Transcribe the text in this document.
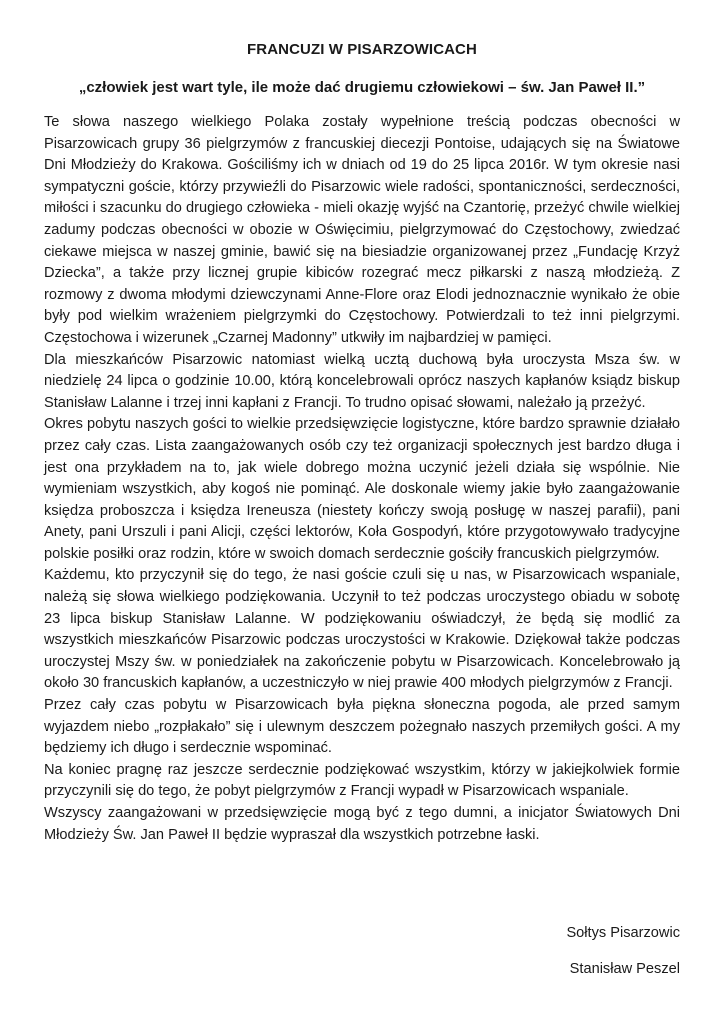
FRANCUZI W PISARZOWICACH
„człowiek jest wart tyle, ile może dać drugiemu człowiekowi – św. Jan Paweł II.”

Te słowa naszego wielkiego Polaka zostały wypełnione treścią podczas obecności w Pisarzowicach grupy 36 pielgrzymów z francuskiej diecezji Pontoise, udających się na Światowe Dni Młodzieży do Krakowa. Gościliśmy ich w dniach od 19 do 25 lipca 2016r. W tym okresie nasi sympatyczni goście, którzy przywieźli do Pisarzowic wiele radości, spontaniczności, serdeczności, miłości i szacunku do drugiego człowieka - mieli okazję wyjść na Czantorię, przeżyć chwile wielkiej zadumy podczas obecności w obozie w Oświęcimiu, pielgrzymować do Częstochowy, zwiedzać ciekawe miejsca w naszej gminie, bawić się na biesiadzie organizowanej przez „Fundację Krzyż Dziecka”, a także przy licznej grupie kibiców rozegrać mecz piłkarski z naszą młodzieżą. Z rozmowy z dwoma młodymi dziewczynami Anne-Flore oraz Elodi jednoznacznie wynikało że obie były pod wielkim wrażeniem pielgrzymki do Częstochowy. Potwierdzali to też inni pielgrzymi. Częstochowa i wizerunek „Czarnej Madonny” utkwiły im najbardziej w pamięci.

Dla mieszkańców Pisarzowic natomiast wielką ucztą duchową była uroczysta Msza św. w niedzielę 24 lipca o godzinie 10.00, którą koncelebrowali oprócz naszych kapłanów ksiądz biskup Stanisław Lalanne i trzej inni kapłani z Francji. To trudno opisać słowami, należało ją przeżyć.

Okres pobytu naszych gości to wielkie przedsięwzięcie logistyczne, które bardzo sprawnie działało przez cały czas. Lista zaangażowanych osób czy też organizacji społecznych jest bardzo długa i jest ona przykładem na to, jak wiele dobrego można uczynić jeżeli działa się wspólnie. Nie wymieniam wszystkich, aby kogoś nie pominąć. Ale doskonale wiemy jakie było zaangażowanie księdza proboszcza i księdza Ireneusza (niestety kończy swoją posługę w naszej parafii), pani Anety, pani Urszuli i pani Alicji, części lektorów, Koła Gospodyń, które przygotowywało tradycyjne polskie posiłki oraz rodzin, które w swoich domach serdecznie gościły francuskich pielgrzymów.

Każdemu, kto przyczynił się do tego, że nasi goście czuli się u nas, w Pisarzowicach wspaniale, należą się słowa wielkiego podziękowania. Uczynił to też podczas uroczystego obiadu w sobotę 23 lipca biskup Stanisław Lalanne. W podziękowaniu oświadczył, że będą się modlić za wszystkich mieszkańców Pisarzowic podczas uroczystości w Krakowie. Dziękował także podczas uroczystej Mszy św. w poniedziałek na zakończenie pobytu w Pisarzowicach. Koncelebrowało ją około 30 francuskich kapłanów, a uczestniczyło w niej prawie 400 młodych pielgrzymów z Francji.

Przez cały czas pobytu w Pisarzowicach była piękna słoneczna pogoda, ale przed samym wyjazdem niebo „rozpłakało” się i ulewnym deszczem pożegnało naszych przemiłych gości. A my będziemy ich długo i serdecznie wspominać.

Na koniec pragnę raz jeszcze serdecznie podziękować wszystkim, którzy w jakiejkolwiek formie przyczynili się do tego, że pobyt pielgrzymów z Francji wypadł w Pisarzowicach wspaniale.

Wszyscy zaangażowani w przedsięwzięcie mogą być z tego dumni, a inicjator Światowych Dni Młodzieży Św. Jan Paweł II będzie wypraszał dla wszystkich potrzebne łaski.

Sołtys Pisarzowic
Stanisław Peszel
